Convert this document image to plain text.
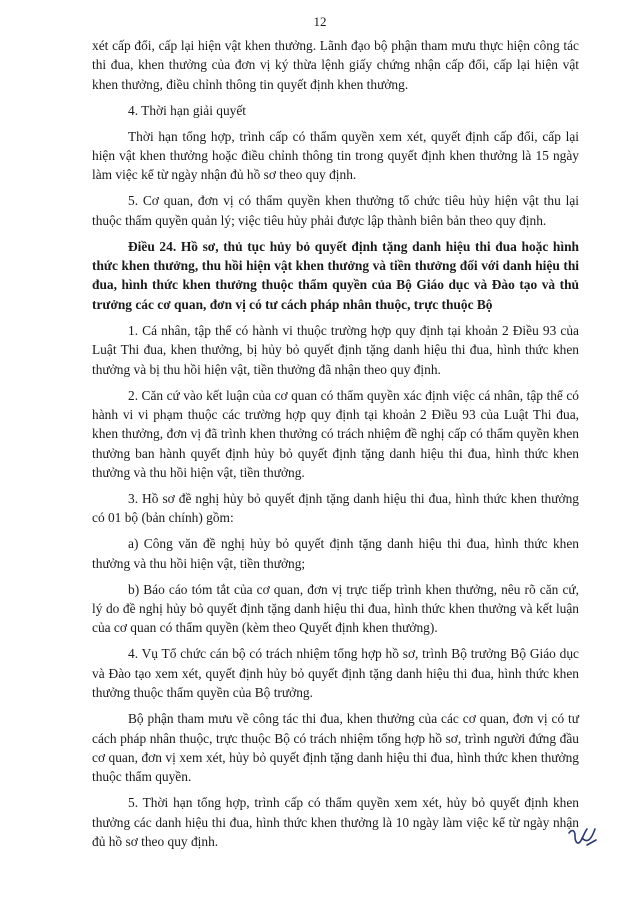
12

xét cấp đổi, cấp lại hiện vật khen thưởng. Lãnh đạo bộ phận tham mưu thực hiện công tác thi đua, khen thưởng của đơn vị ký thừa lệnh giấy chứng nhận cấp đổi, cấp lại hiện vật khen thưởng, điều chỉnh thông tin quyết định khen thưởng.

4. Thời hạn giải quyết

Thời hạn tổng hợp, trình cấp có thẩm quyền xem xét, quyết định cấp đổi, cấp lại hiện vật khen thưởng hoặc điều chỉnh thông tin trong quyết định khen thưởng là 15 ngày làm việc kể từ ngày nhận đủ hồ sơ theo quy định.

5. Cơ quan, đơn vị có thẩm quyền khen thưởng tổ chức tiêu hủy hiện vật thu lại thuộc thẩm quyền quản lý; việc tiêu hủy phải được lập thành biên bản theo quy định.

Điều 24. Hồ sơ, thủ tục hủy bỏ quyết định tặng danh hiệu thi đua hoặc hình thức khen thưởng, thu hồi hiện vật khen thưởng và tiền thưởng đối với danh hiệu thi đua, hình thức khen thưởng thuộc thẩm quyền của Bộ Giáo dục và Đào tạo và thủ trưởng các cơ quan, đơn vị có tư cách pháp nhân thuộc, trực thuộc Bộ

1. Cá nhân, tập thể có hành vi thuộc trường hợp quy định tại khoản 2 Điều 93 của Luật Thi đua, khen thưởng, bị hủy bỏ quyết định tặng danh hiệu thi đua, hình thức khen thưởng và bị thu hồi hiện vật, tiền thưởng đã nhận theo quy định.

2. Căn cứ vào kết luận của cơ quan có thẩm quyền xác định việc cá nhân, tập thể có hành vi vi phạm thuộc các trường hợp quy định tại khoản 2 Điều 93 của Luật Thi đua, khen thưởng, đơn vị đã trình khen thưởng có trách nhiệm đề nghị cấp có thẩm quyền khen thưởng ban hành quyết định hủy bỏ quyết định tặng danh hiệu thi đua, hình thức khen thưởng và thu hồi hiện vật, tiền thưởng.

3. Hồ sơ đề nghị hủy bỏ quyết định tặng danh hiệu thi đua, hình thức khen thưởng có 01 bộ (bản chính) gồm:

a) Công văn đề nghị hủy bỏ quyết định tặng danh hiệu thi đua, hình thức khen thưởng và thu hồi hiện vật, tiền thưởng;

b) Báo cáo tóm tắt của cơ quan, đơn vị trực tiếp trình khen thưởng, nêu rõ căn cứ, lý do đề nghị hủy bỏ quyết định tặng danh hiệu thi đua, hình thức khen thưởng và kết luận của cơ quan có thẩm quyền (kèm theo Quyết định khen thưởng).

4. Vụ Tổ chức cán bộ có trách nhiệm tổng hợp hồ sơ, trình Bộ trưởng Bộ Giáo dục và Đào tạo xem xét, quyết định hủy bỏ quyết định tặng danh hiệu thi đua, hình thức khen thưởng thuộc thẩm quyền của Bộ trưởng.

Bộ phận tham mưu về công tác thi đua, khen thưởng của các cơ quan, đơn vị có tư cách pháp nhân thuộc, trực thuộc Bộ có trách nhiệm tổng hợp hồ sơ, trình người đứng đầu cơ quan, đơn vị xem xét, hủy bỏ quyết định tặng danh hiệu thi đua, hình thức khen thưởng thuộc thẩm quyền.

5. Thời hạn tổng hợp, trình cấp có thẩm quyền xem xét, hủy bỏ quyết định khen thưởng các danh hiệu thi đua, hình thức khen thưởng là 10 ngày làm việc kể từ ngày nhận đủ hồ sơ theo quy định.
